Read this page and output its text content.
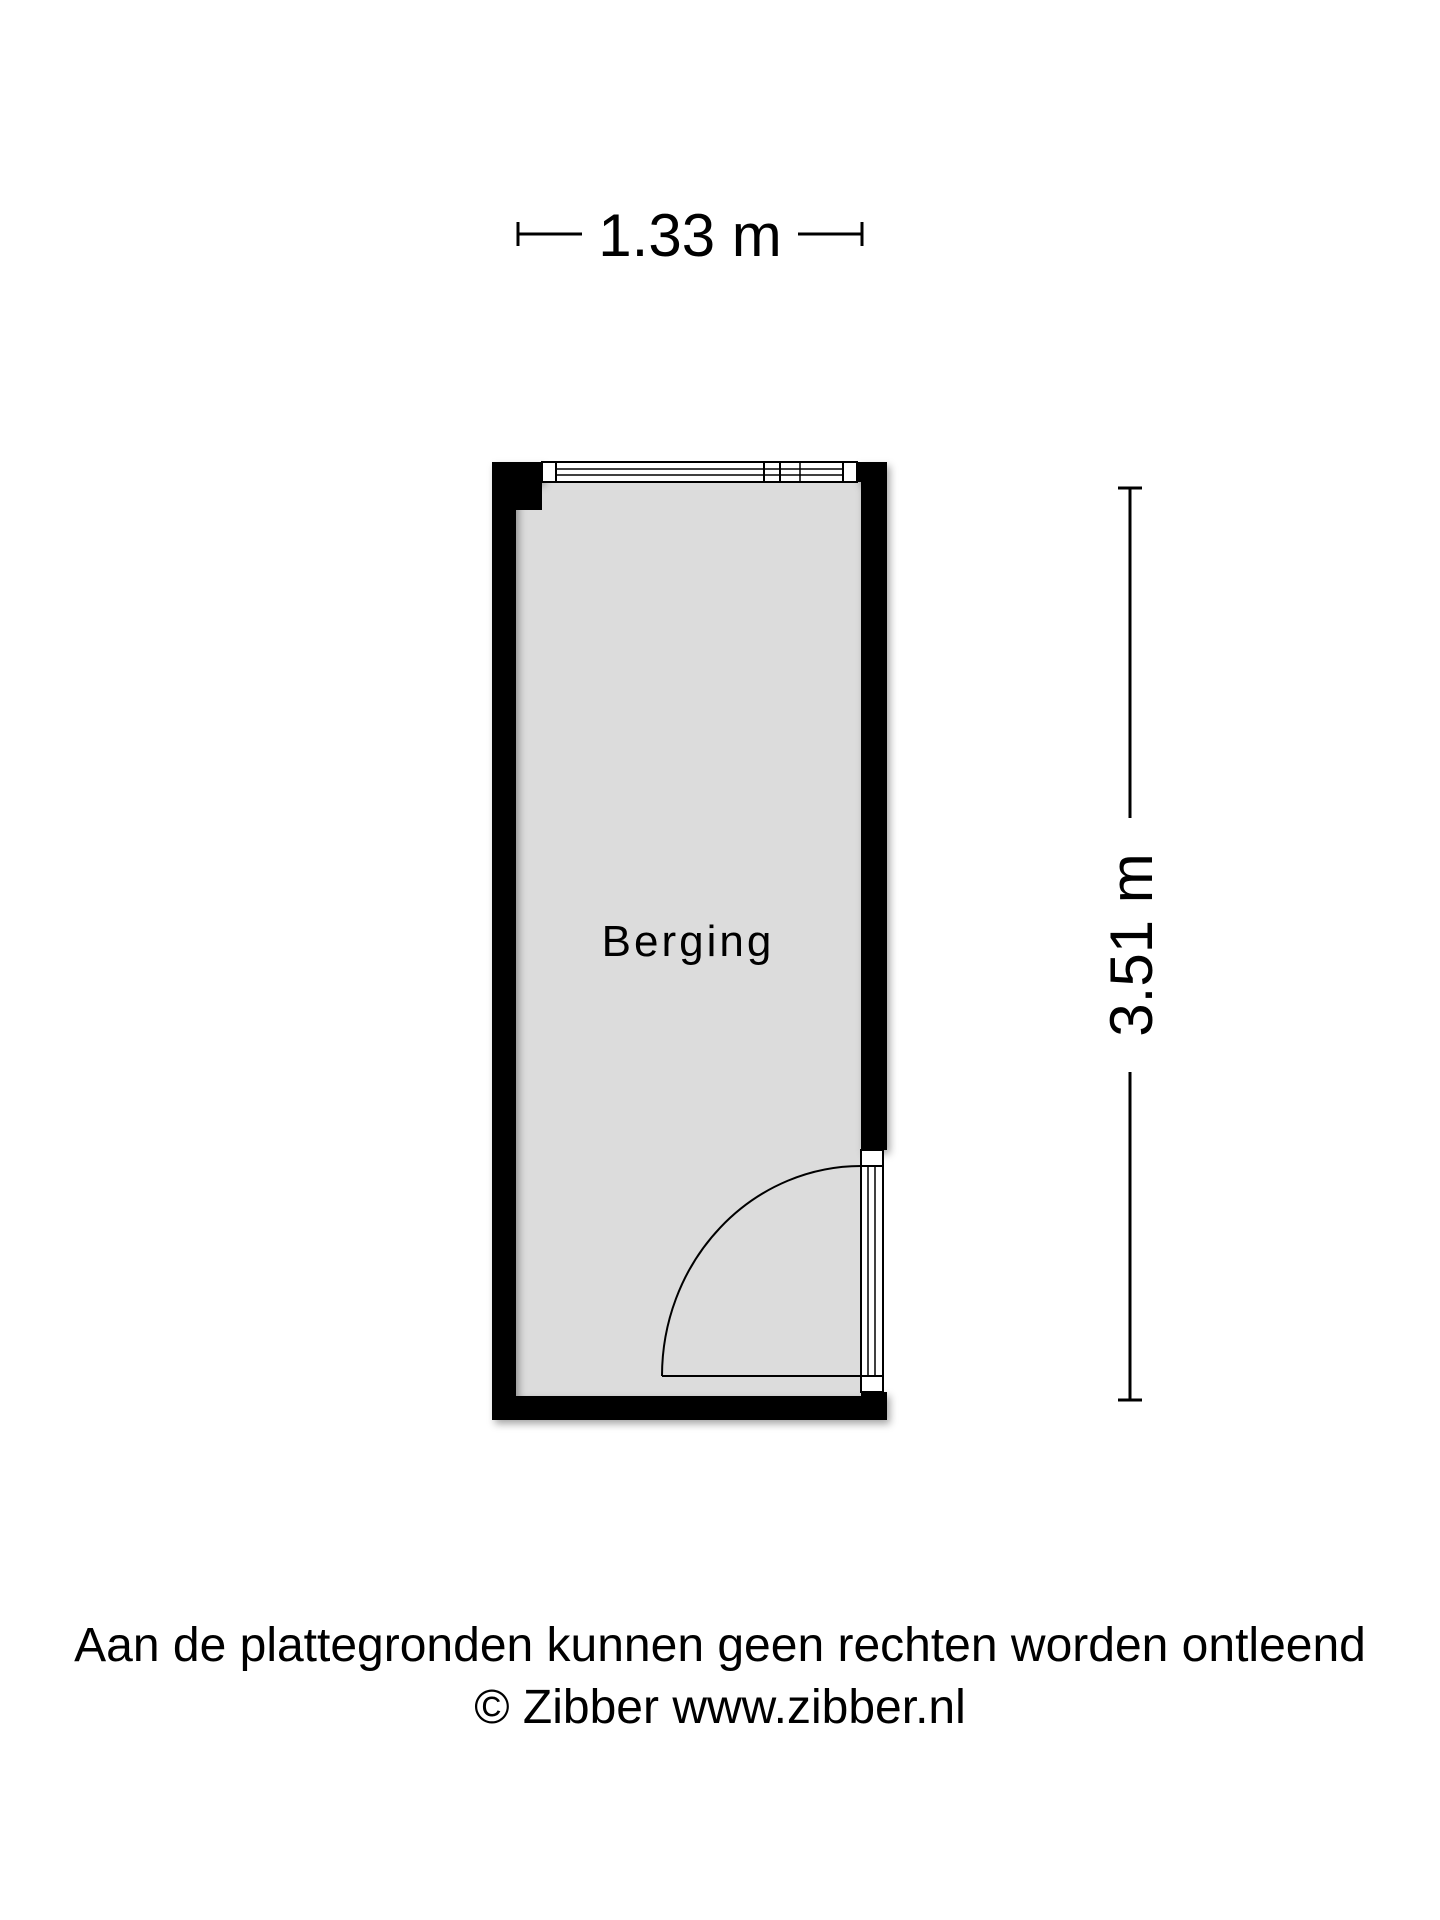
1.33 m
3.51 m
Berging
Aan de plattegronden kunnen geen rechten worden ontleend
© Zibber www.zibber.nl
